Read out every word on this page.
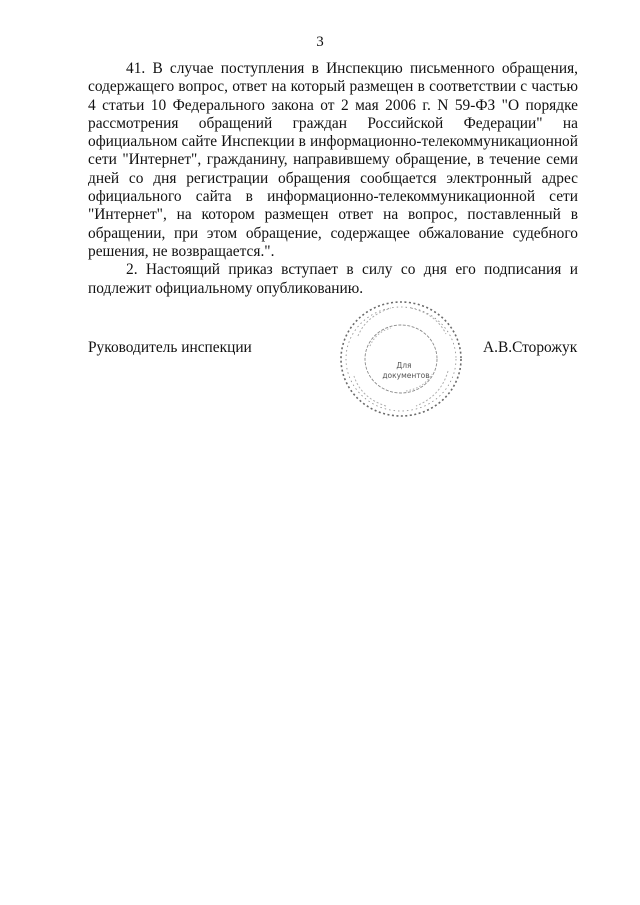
3

41. В случае поступления в Инспекцию письменного обращения, содержащего вопрос, ответ на который размещен в соответствии с частью 4 статьи 10 Федерального закона от 2 мая 2006 г. N 59-ФЗ "О порядке рассмотрения обращений граждан Российской Федерации" на официальном сайте Инспекции в информационно-телекоммуникационной сети "Интернет", гражданину, направившему обращение, в течение семи дней со дня регистрации обращения сообщается электронный адрес официального сайта в информационно-телекоммуникационной сети "Интернет", на котором размещен ответ на вопрос, поставленный в обращении, при этом обращение, содержащее обжалование судебного решения, не возвращается.".

2. Настоящий приказ вступает в силу со дня его подписания и подлежит официальному опубликованию.

Руководитель инспекции
Для
документов
А.В.Сторожук
